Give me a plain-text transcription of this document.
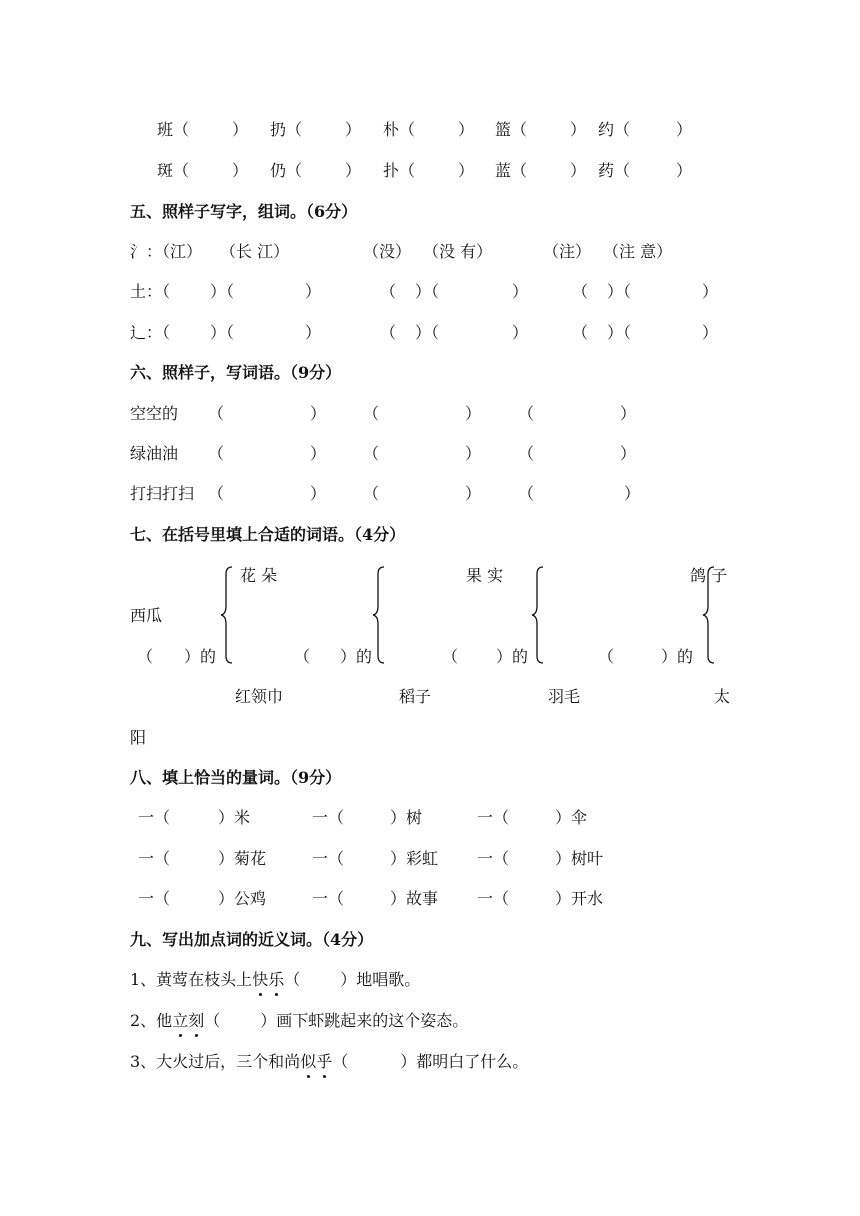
班（	） 扔（	） 朴（	） 篮（	） 约（	）
斑（	） 仍（	） 扑（	） 蓝（	） 药（	）
五、照样子写字，组词。（6分）
氵：（江） （长 江）	（没） （没 有）	（注） （注 意）
土：（ ）（	）	（ ）（	）	（ ）（	）
辶：（ ）（	）	（ ）（	）	（ ）（	）
六、照样子，写词语。（9分）
空空的 （	） （	） （	）
绿油油 （	） （	） （	）
打扫打扫 （	） （	） （	）
七、在括号里填上合适的词语。（4分）
花 朵	果 实	鸽 子
西瓜
（ ）的	（ ）的	（ ）的	（	）的
红领巾	稻子	羽毛	太
阳
八、填上恰当的量词。（9分）
一（	）米	一（	）树	一（	）伞
一（	）菊花	一（	）彩虹 一（	）树叶
一（	）公鸡	一（	）故事 一（	）开水
九、写出加点词的近义词。（4分）
1、黄莺在枝头上快乐（	）地唱歌。
2、他立刻（	）画下虾跳起来的这个姿态。
3、大火过后，三个和尚似乎（	）都明白了什么。
